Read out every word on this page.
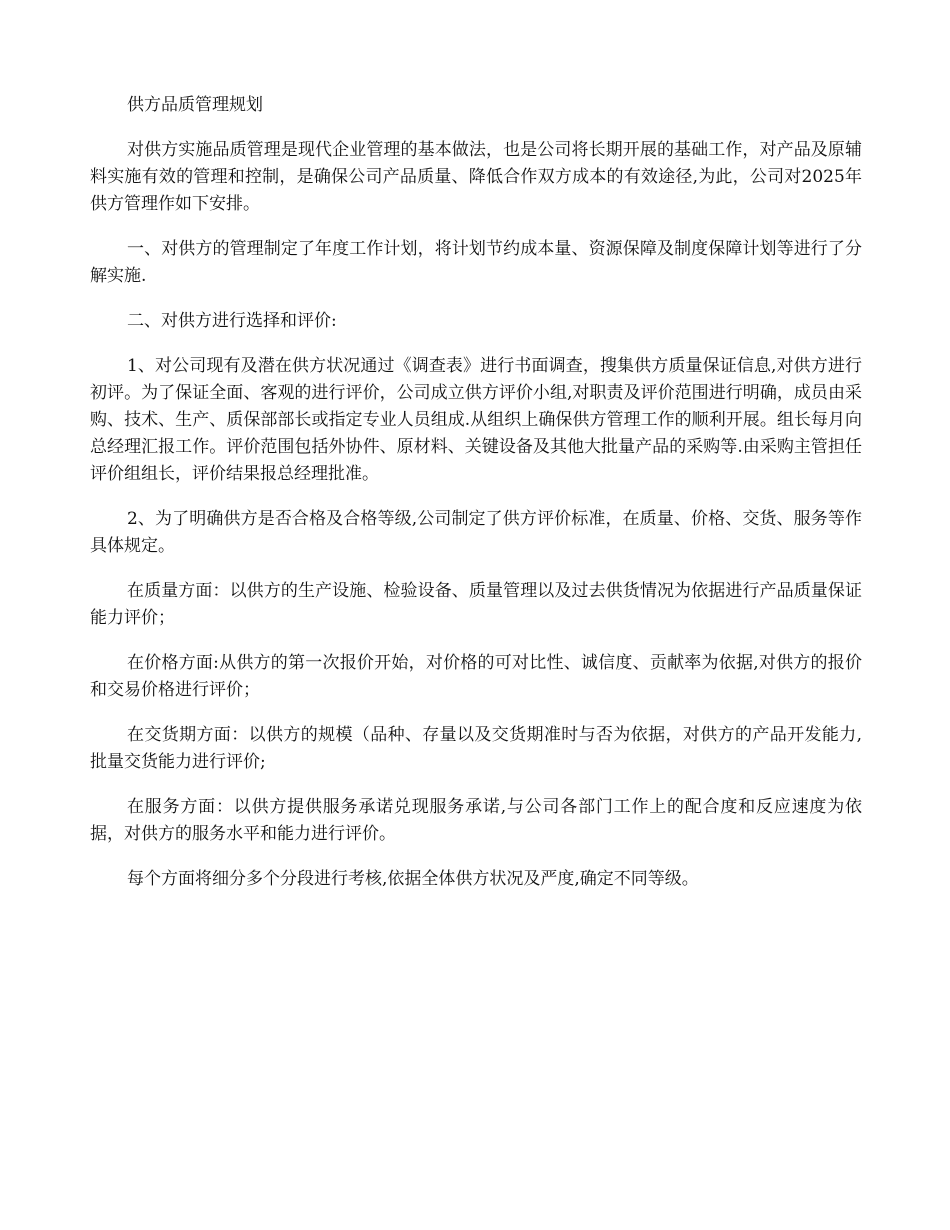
供方品质管理规划

对供方实施品质管理是现代企业管理的基本做法，也是公司将长期开展的基础工作，对产品及原辅料实施有效的管理和控制，是确保公司产品质量、降低合作双方成本的有效途径,为此，公司对2025年供方管理作如下安排。

一、对供方的管理制定了年度工作计划，将计划节约成本量、资源保障及制度保障计划等进行了分解实施.

二、对供方进行选择和评价:

1、对公司现有及潜在供方状况通过《调查表》进行书面调查，搜集供方质量保证信息,对供方进行初评。为了保证全面、客观的进行评价，公司成立供方评价小组,对职责及评价范围进行明确，成员由采购、技术、生产、质保部部长或指定专业人员组成.从组织上确保供方管理工作的顺利开展。组长每月向总经理汇报工作。评价范围包括外协件、原材料、关键设备及其他大批量产品的采购等.由采购主管担任评价组组长，评价结果报总经理批准。

2、为了明确供方是否合格及合格等级,公司制定了供方评价标准，在质量、价格、交货、服务等作具体规定。

在质量方面：以供方的生产设施、检验设备、质量管理以及过去供货情况为依据进行产品质量保证能力评价；

在价格方面:从供方的第一次报价开始，对价格的可对比性、诚信度、贡献率为依据,对供方的报价和交易价格进行评价；

在交货期方面：以供方的规模（品种、存量以及交货期准时与否为依据，对供方的产品开发能力,批量交货能力进行评价;

在服务方面：以供方提供服务承诺兑现服务承诺,与公司各部门工作上的配合度和反应速度为依据，对供方的服务水平和能力进行评价。

每个方面将细分多个分段进行考核,依据全体供方状况及严度,确定不同等级。
